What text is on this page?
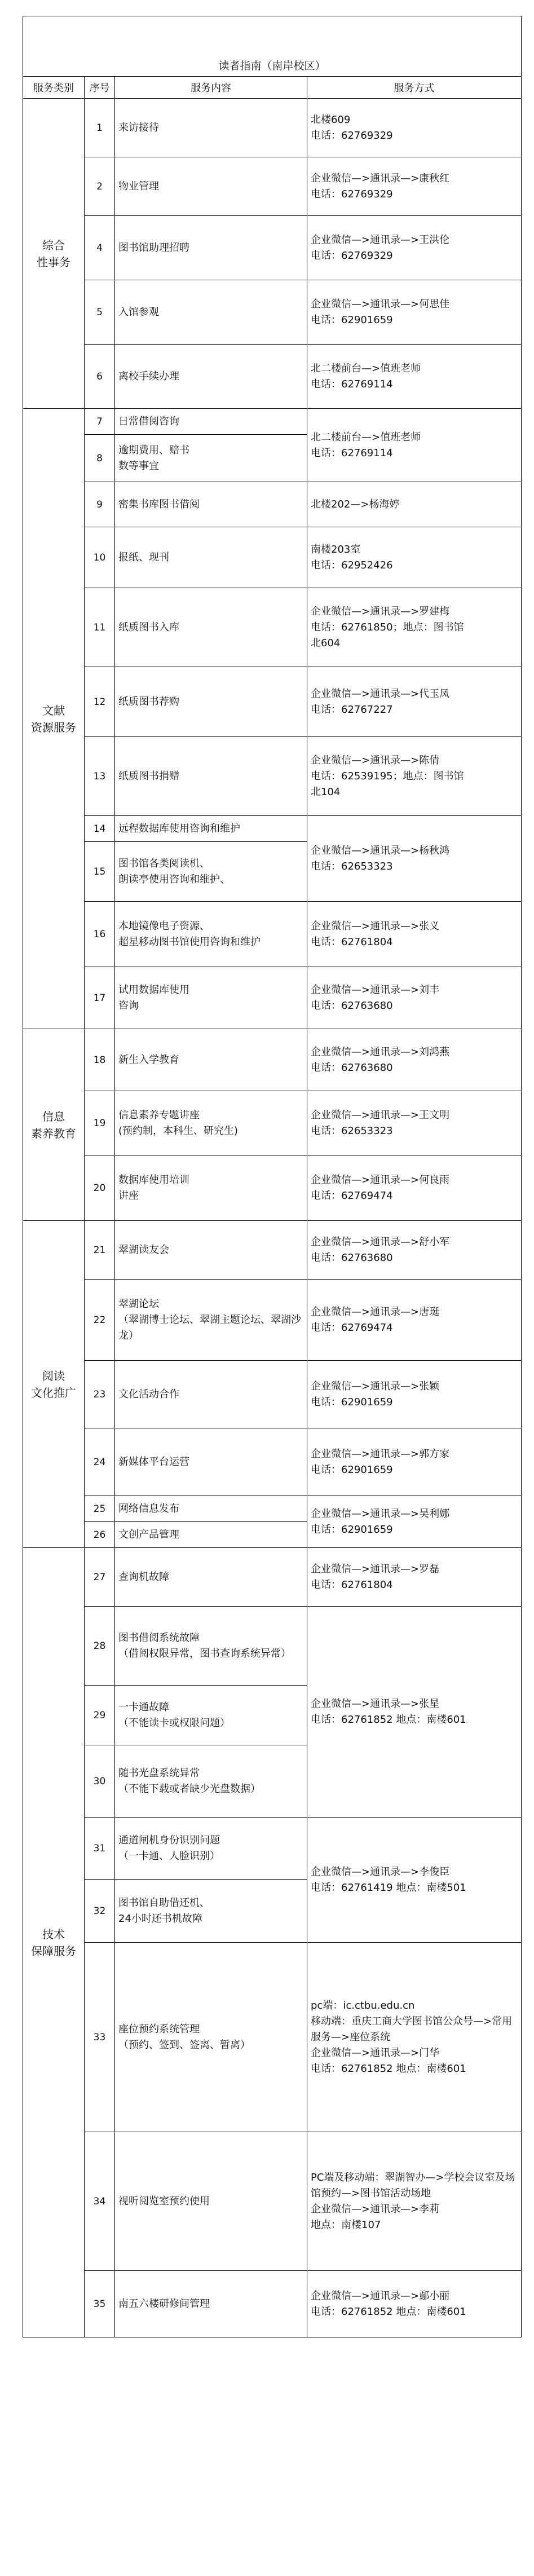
读者指南（南岸校区）			
服务类别	序号	服务内容	服务方式
综合
性事务	1	来访接待	北楼609
电话：62769329
	2	物业管理	企业微信—>通讯录—>康秋红
电话：62769329
	4	图书馆助理招聘	企业微信—>通讯录—>王洪伦
电话：62769329
	5	入馆参观	企业微信—>通讯录—>何思佳
电话：62901659
	6	离校手续办理	北二楼前台—>值班老师
电话：62769114
文献
资源服务	7	日常借阅咨询	北二楼前台—>值班老师
电话：62769114
	8	逾期费用、赔书
数等事宜	
	9	密集书库图书借阅	北楼202—>杨海婷
	10	报纸、现刊	南楼203室
电话：62952426
	11	纸质图书入库	企业微信—>通讯录—>罗建梅
电话：62761850；地点：图书馆
北604
	12	纸质图书荐购	企业微信—>通讯录—>代玉凤
电话：62767227
	13	纸质图书捐赠	企业微信—>通讯录—>陈倩
电话：62539195；地点：图书馆
北104
	14	远程数据库使用咨询和维护	企业微信—>通讯录—>杨秋鸿
电话：62653323
	15	图书馆各类阅读机、
朗读亭使用咨询和维护、	
	16	本地镜像电子资源、
超星移动图书馆使用咨询和维护	企业微信—>通讯录—>张义
电话：62761804
	17	试用数据库使用
咨询	企业微信—>通讯录—>刘丰
电话：62763680
信息
素养教育	18	新生入学教育	企业微信—>通讯录—>刘鸿燕
电话：62763680
	19	信息素养专题讲座
(预约制，本科生、研究生)	企业微信—>通讯录—>王文明
电话：62653323
	20	数据库使用培训
讲座	企业微信—>通讯录—>何良雨
电话：62769474
阅读
文化推广	21	翠湖读友会	企业微信—>通讯录—>舒小军
电话：62763680
	22	翠湖论坛
（翠湖博士论坛、翠湖主题论坛、翠湖沙龙）	企业微信—>通讯录—>唐珽
电话：62769474
	23	文化活动合作	企业微信—>通讯录—>张颖
电话：62901659
	24	新媒体平台运营	企业微信—>通讯录—>郭方家
电话：62901659
	25	网络信息发布	企业微信—>通讯录—>吴利娜
电话：62901659
	26	文创产品管理	
技术
保障服务	27	查询机故障	企业微信—>通讯录—>罗磊
电话：62761804
	28	图书借阅系统故障
（借阅权限异常，图书查询系统异常）	企业微信—>通讯录—>张星
电话：62761852 地点：南楼601
	29	一卡通故障
（不能读卡或权限问题）	
	30	随书光盘系统异常
（不能下载或者缺少光盘数据）	
	31	通道闸机身份识别问题
（一卡通、人脸识别）	企业微信—>通讯录—>李俊臣
电话：62761419 地点：南楼501
	32	图书馆自助借还机、
24小时还书机故障	
	33	座位预约系统管理
（预约、签到、签离、暂离）	pc端：ic.ctbu.edu.cn
移动端：重庆工商大学图书馆公众号—>常用服务—>座位系统
企业微信—>通讯录—>门华
电话：62761852 地点：南楼601
	34	视听阅览室预约使用	PC端及移动端：翠湖智办—>学校会议室及场馆预约—>图书馆活动场地
企业微信—>通讯录—>李莉
地点：南楼107
	35	南五六楼研修间管理	企业微信—>通讯录—>鄢小丽
电话：62761852 地点：南楼601
